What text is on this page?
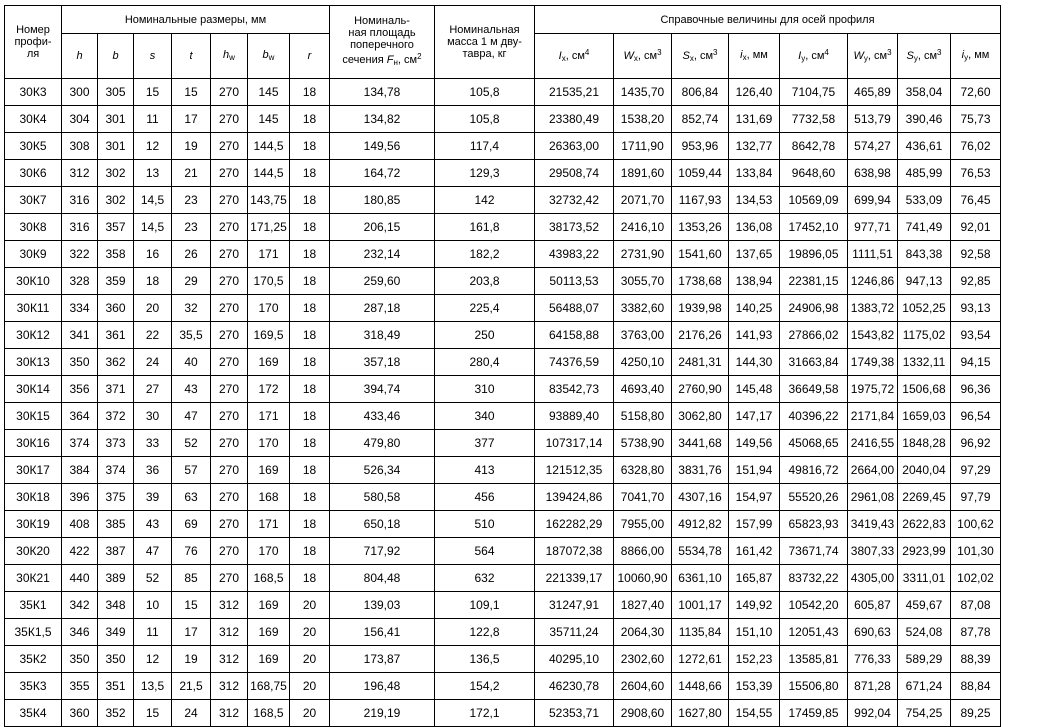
Номер
профи-
ля	Номинальные размеры, мм							Номиналь-
ная площадь
поперечного
сечения $F_н$, $см^2$	Номинальная
масса 1 м дву-
тавра, кг	Справочные величины для осей профиля							
	h	b	s	t	$h_w$	$b_w$	r			$I_x$, $см^4$	$W_x$, $см^3$	$S_x$, $см^3$	$i_x$, мм	$I_y$, $см^4$	$W_y$, $см^3$	$S_y$, $см^3$	$i_y$, мм
30К3	300	305	15	15	270	145	18	134,78	105,8	21535,21	1435,70	806,84	126,40	7104,75	465,89	358,04	72,60
30К4	304	301	11	17	270	145	18	134,82	105,8	23380,49	1538,20	852,74	131,69	7732,58	513,79	390,46	75,73
30К5	308	301	12	19	270	144,5	18	149,56	117,4	26363,00	1711,90	953,96	132,77	8642,78	574,27	436,61	76,02
30К6	312	302	13	21	270	144,5	18	164,72	129,3	29508,74	1891,60	1059,44	133,84	9648,60	638,98	485,99	76,53
30К7	316	302	14,5	23	270	143,75	18	180,85	142	32732,42	2071,70	1167,93	134,53	10569,09	699,94	533,09	76,45
30К8	316	357	14,5	23	270	171,25	18	206,15	161,8	38173,52	2416,10	1353,26	136,08	17452,10	977,71	741,49	92,01
30К9	322	358	16	26	270	171	18	232,14	182,2	43983,22	2731,90	1541,60	137,65	19896,05	1111,51	843,38	92,58
30К10	328	359	18	29	270	170,5	18	259,60	203,8	50113,53	3055,70	1738,68	138,94	22381,15	1246,86	947,13	92,85
30К11	334	360	20	32	270	170	18	287,18	225,4	56488,07	3382,60	1939,98	140,25	24906,98	1383,72	1052,25	93,13
30К12	341	361	22	35,5	270	169,5	18	318,49	250	64158,88	3763,00	2176,26	141,93	27866,02	1543,82	1175,02	93,54
30К13	350	362	24	40	270	169	18	357,18	280,4	74376,59	4250,10	2481,31	144,30	31663,84	1749,38	1332,11	94,15
30К14	356	371	27	43	270	172	18	394,74	310	83542,73	4693,40	2760,90	145,48	36649,58	1975,72	1506,68	96,36
30К15	364	372	30	47	270	171	18	433,46	340	93889,40	5158,80	3062,80	147,17	40396,22	2171,84	1659,03	96,54
30К16	374	373	33	52	270	170	18	479,80	377	107317,14	5738,90	3441,68	149,56	45068,65	2416,55	1848,28	96,92
30К17	384	374	36	57	270	169	18	526,34	413	121512,35	6328,80	3831,76	151,94	49816,72	2664,00	2040,04	97,29
30К18	396	375	39	63	270	168	18	580,58	456	139424,86	7041,70	4307,16	154,97	55520,26	2961,08	2269,45	97,79
30К19	408	385	43	69	270	171	18	650,18	510	162282,29	7955,00	4912,82	157,99	65823,93	3419,43	2622,83	100,62
30К20	422	387	47	76	270	170	18	717,92	564	187072,38	8866,00	5534,78	161,42	73671,74	3807,33	2923,99	101,30
30К21	440	389	52	85	270	168,5	18	804,48	632	221339,17	10060,90	6361,10	165,87	83732,22	4305,00	3311,01	102,02
35К1	342	348	10	15	312	169	20	139,03	109,1	31247,91	1827,40	1001,17	149,92	10542,20	605,87	459,67	87,08
35К1,5	346	349	11	17	312	169	20	156,41	122,8	35711,24	2064,30	1135,84	151,10	12051,43	690,63	524,08	87,78
35К2	350	350	12	19	312	169	20	173,87	136,5	40295,10	2302,60	1272,61	152,23	13585,81	776,33	589,29	88,39
35К3	355	351	13,5	21,5	312	168,75	20	196,48	154,2	46230,78	2604,60	1448,66	153,39	15506,80	871,28	671,24	88,84
35К4	360	352	15	24	312	168,5	20	219,19	172,1	52353,71	2908,60	1627,80	154,55	17459,85	992,04	754,25	89,25
